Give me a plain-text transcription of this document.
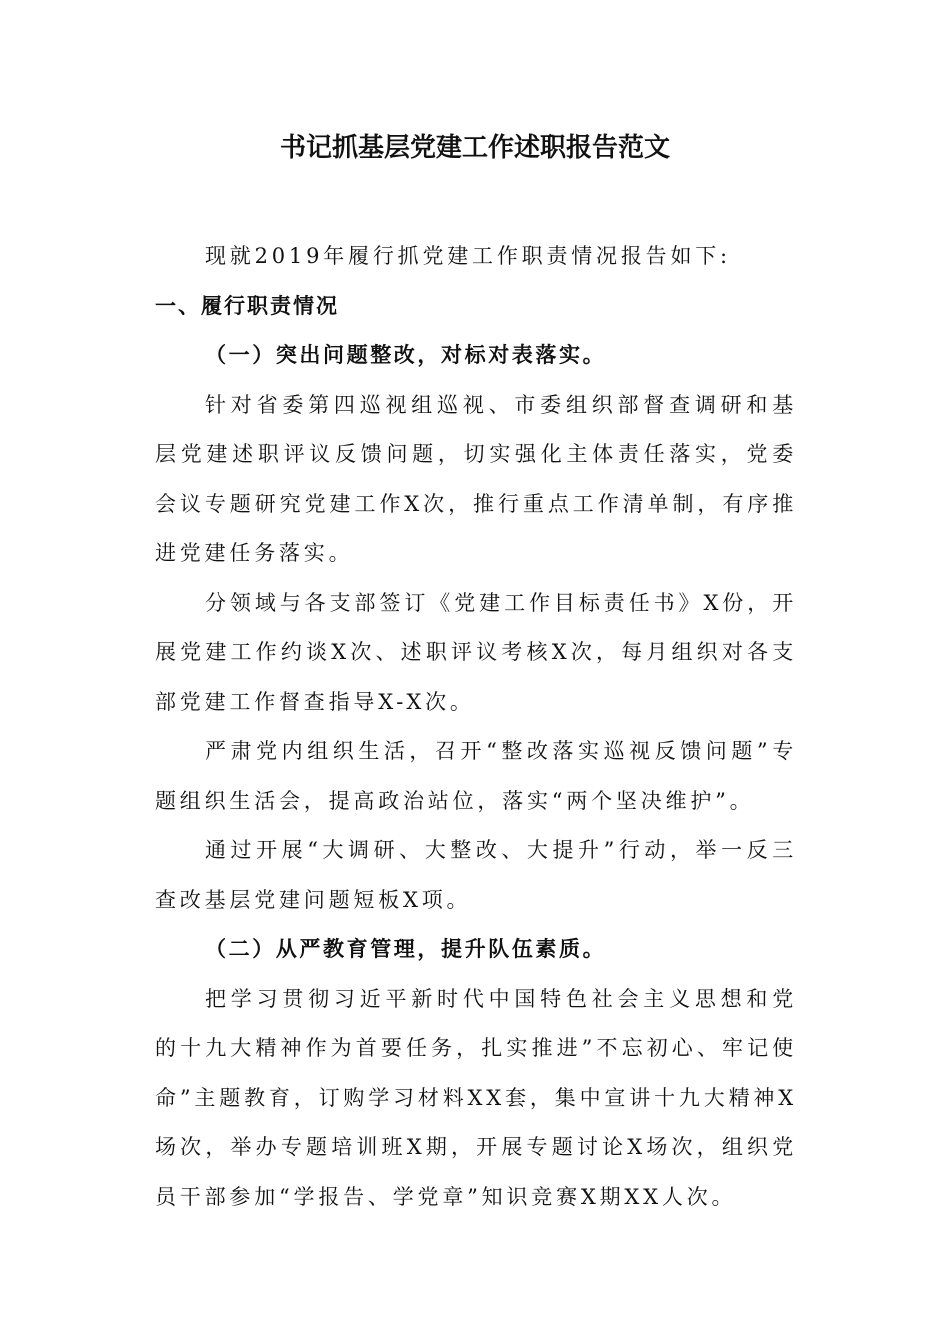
书记抓基层党建工作述职报告范文

现就2019年履行抓党建工作职责情况报告如下:

一、履行职责情况

（一）突出问题整改，对标对表落实。

针对省委第四巡视组巡视、市委组织部督查调研和基层党建述职评议反馈问题，切实强化主体责任落实，党委会议专题研究党建工作X次，推行重点工作清单制，有序推进党建任务落实。

分领域与各支部签订《党建工作目标责任书》X份，开展党建工作约谈X次、述职评议考核X次，每月组织对各支部党建工作督查指导X-X次。

严肃党内组织生活，召开“整改落实巡视反馈问题”专题组织生活会，提高政治站位，落实“两个坚决维护”。

通过开展“大调研、大整改、大提升”行动，举一反三查改基层党建问题短板X项。

（二）从严教育管理，提升队伍素质。

把学习贯彻习近平新时代中国特色社会主义思想和党的十九大精神作为首要任务，扎实推进”不忘初心、牢记使命”主题教育，订购学习材料XX套，集中宣讲十九大精神X场次，举办专题培训班X期，开展专题讨论X场次，组织党员干部参加“学报告、学党章”知识竞赛X期XX人次。
